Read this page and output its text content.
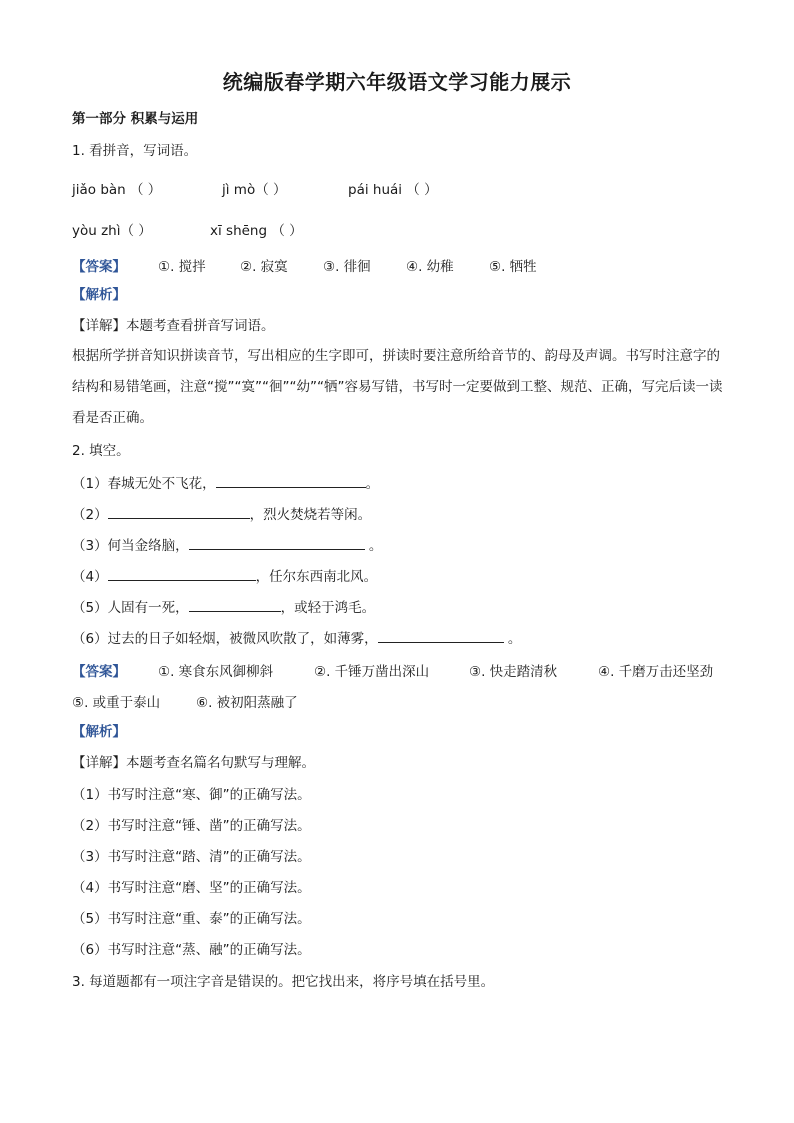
统编版春学期六年级语文学习能力展示
第一部分 积累与运用
1. 看拼音，写词语。
jiǎo bàn （ ）	jì mò（ ）	pái huái （ ）
yòu zhì（ ）	xī shēng （ ）
【答案】 ①. 搅拌	②. 寂寞	③. 徘徊	④. 幼稚	⑤. 牺牲
【解析】
【详解】本题考查看拼音写词语。
根据所学拼音知识拼读音节，写出相应的生字即可，拼读时要注意所给音节的、韵母及声调。书写时注意字的结构和易错笔画，注意“搅”“寞”“徊”“幼”“牺”容易写错，书写时一定要做到工整、规范、正确，写完后读一读看是否正确。
2. 填空。
（1）春城无处不飞花，	。
（2）	，烈火焚烧若等闲。
（3）何当金络脑，	。
（4）	，任尔东西南北风。
（5）人固有一死，	，或轻于鸿毛。
（6）过去的日子如轻烟，被微风吹散了，如薄雾，	。
【答案】 ①. 寒食东风御柳斜	②. 千锤万凿出深山	③. 快走踏清秋	④. 千磨万击还坚劲
⑤. 或重于泰山	⑥. 被初阳蒸融了
【解析】
【详解】本题考查名篇名句默写与理解。
（1）书写时注意“寒、御”的正确写法。
（2）书写时注意“锤、凿”的正确写法。
（3）书写时注意“踏、清”的正确写法。
（4）书写时注意“磨、坚”的正确写法。
（5）书写时注意“重、泰”的正确写法。
（6）书写时注意“蒸、融”的正确写法。
3. 每道题都有一项注字音是错误的。把它找出来，将序号填在括号里。
